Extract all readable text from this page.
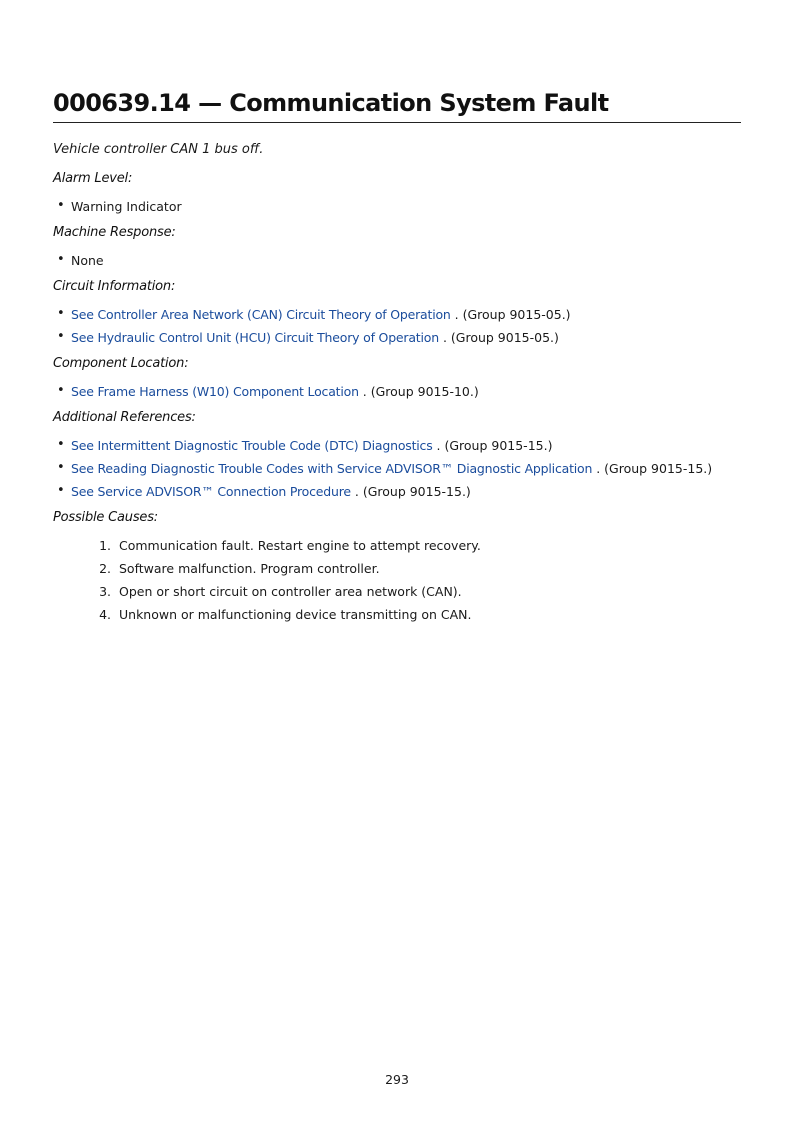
000639.14 — Communication System Fault

Vehicle controller CAN 1 bus off.

Alarm Level:

• Warning Indicator

Machine Response:

• None

Circuit Information:

• See Controller Area Network (CAN) Circuit Theory of Operation . (Group 9015-05.)
• See Hydraulic Control Unit (HCU) Circuit Theory of Operation . (Group 9015-05.)

Component Location:

• See Frame Harness (W10) Component Location . (Group 9015-10.)

Additional References:

• See Intermittent Diagnostic Trouble Code (DTC) Diagnostics . (Group 9015-15.)
• See Reading Diagnostic Trouble Codes with Service ADVISOR™ Diagnostic Application . (Group 9015-15.)
• See Service ADVISOR™ Connection Procedure . (Group 9015-15.)

Possible Causes:

1. Communication fault. Restart engine to attempt recovery.
2. Software malfunction. Program controller.
3. Open or short circuit on controller area network (CAN).
4. Unknown or malfunctioning device transmitting on CAN.
293
